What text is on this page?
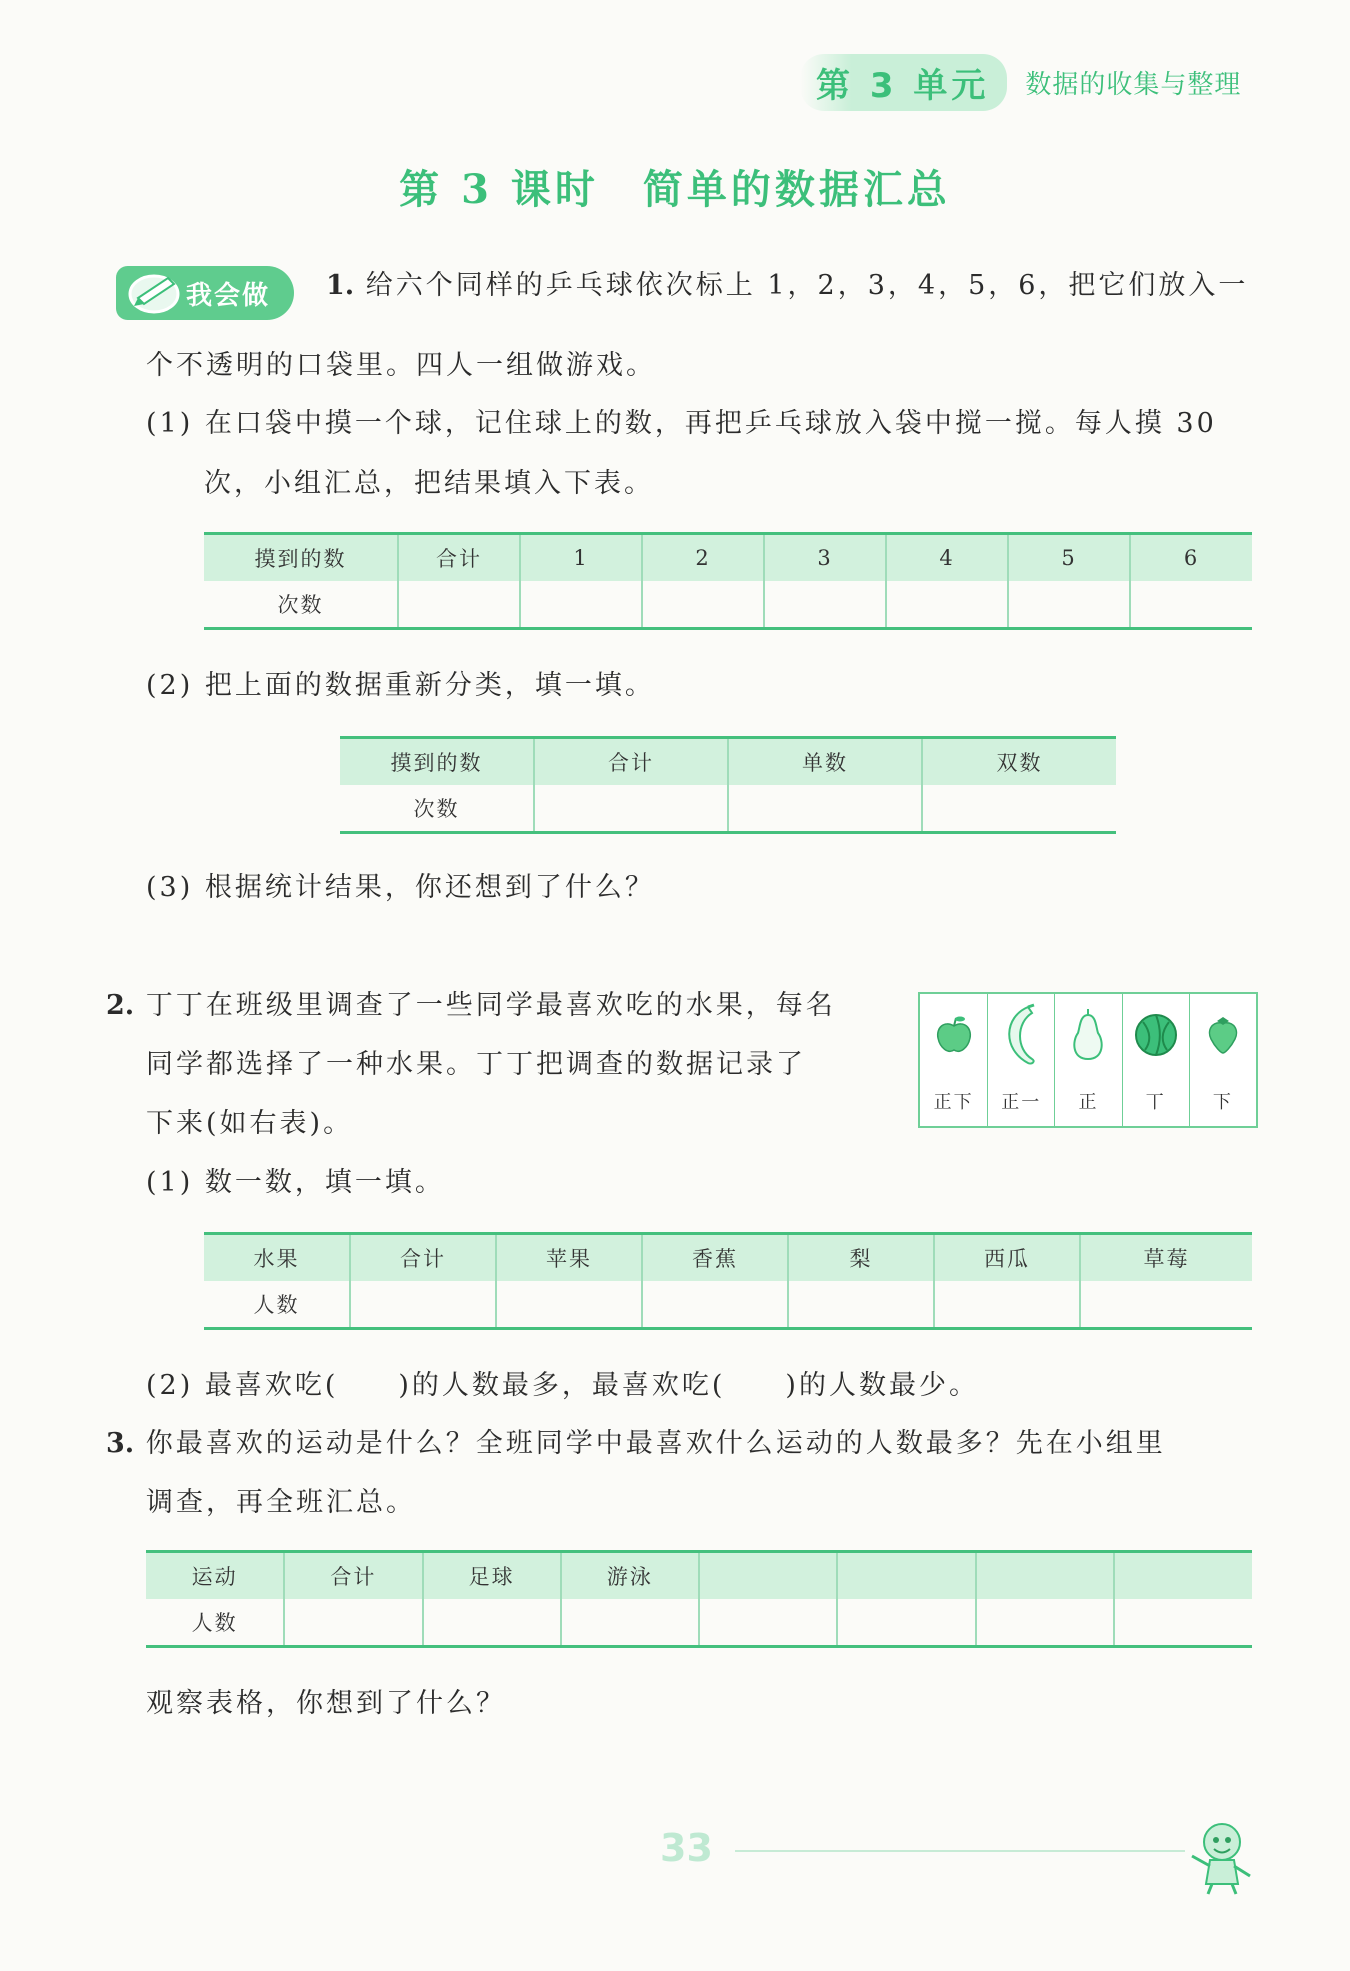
第 3 单元	数据的收集与整理
第 3 课时　简单的数据汇总
我会做 1. 给六个同样的乒乓球依次标上 1，2，3，4，5，6，把它们放入一
个不透明的口袋里。四人一组做游戏。
(1) 在口袋中摸一个球，记住球上的数，再把乒乓球放入袋中搅一搅。每人摸 30
次，小组汇总，把结果填入下表。
摸到的数	合计	1	2	3	4	5	6
次数							
(2) 把上面的数据重新分类，填一填。
摸到的数	合计	单数	双数
次数			
(3) 根据统计结果，你还想到了什么？
2. 丁丁在班级里调查了一些同学最喜欢吃的水果，每名
同学都选择了一种水果。丁丁把调查的数据记录了
下来(如右表)。
正下	正一	正	丅	下
(1) 数一数，填一填。
水果	合计	苹果	香蕉	梨	西瓜	草莓
人数						
(2) 最喜欢吃(　　)的人数最多，最喜欢吃(　　)的人数最少。
3. 你最喜欢的运动是什么？全班同学中最喜欢什么运动的人数最多？先在小组里
调查，再全班汇总。
运动	合计	足球	游泳				
人数							
观察表格，你想到了什么？
33
